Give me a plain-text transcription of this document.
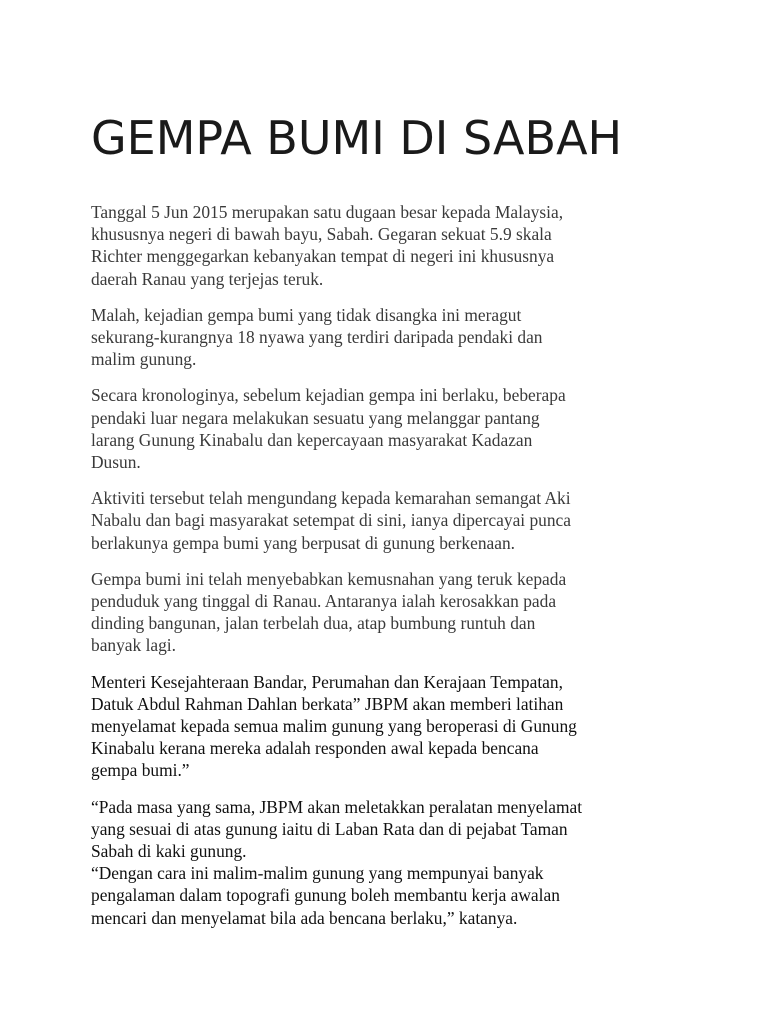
GEMPA BUMI DI SABAH

Tanggal 5 Jun 2015 merupakan satu dugaan besar kepada Malaysia,
khususnya negeri di bawah bayu, Sabah. Gegaran sekuat 5.9 skala
Richter menggegarkan kebanyakan tempat di negeri ini khususnya
daerah Ranau yang terjejas teruk.

Malah, kejadian gempa bumi yang tidak disangka ini meragut
sekurang-kurangnya 18 nyawa yang terdiri daripada pendaki dan
malim gunung.

Secara kronologinya, sebelum kejadian gempa ini berlaku, beberapa
pendaki luar negara melakukan sesuatu yang melanggar pantang
larang Gunung Kinabalu dan kepercayaan masyarakat Kadazan
Dusun.

Aktiviti tersebut telah mengundang kepada kemarahan semangat Aki
Nabalu dan bagi masyarakat setempat di sini, ianya dipercayai punca
berlakunya gempa bumi yang berpusat di gunung berkenaan.

Gempa bumi ini telah menyebabkan kemusnahan yang teruk kepada
penduduk yang tinggal di Ranau. Antaranya ialah kerosakkan pada
dinding bangunan, jalan terbelah dua, atap bumbung runtuh dan
banyak lagi.

Menteri Kesejahteraan Bandar, Perumahan dan Kerajaan Tempatan,
Datuk Abdul Rahman Dahlan berkata” JBPM akan memberi latihan
menyelamat kepada semua malim gunung yang beroperasi di Gunung
Kinabalu kerana mereka adalah responden awal kepada bencana
gempa bumi.”

“Pada masa yang sama, JBPM akan meletakkan peralatan menyelamat
yang sesuai di atas gunung iaitu di Laban Rata dan di pejabat Taman
Sabah di kaki gunung.
“Dengan cara ini malim-malim gunung yang mempunyai banyak
pengalaman dalam topografi gunung boleh membantu kerja awalan
mencari dan menyelamat bila ada bencana berlaku,” katanya.
